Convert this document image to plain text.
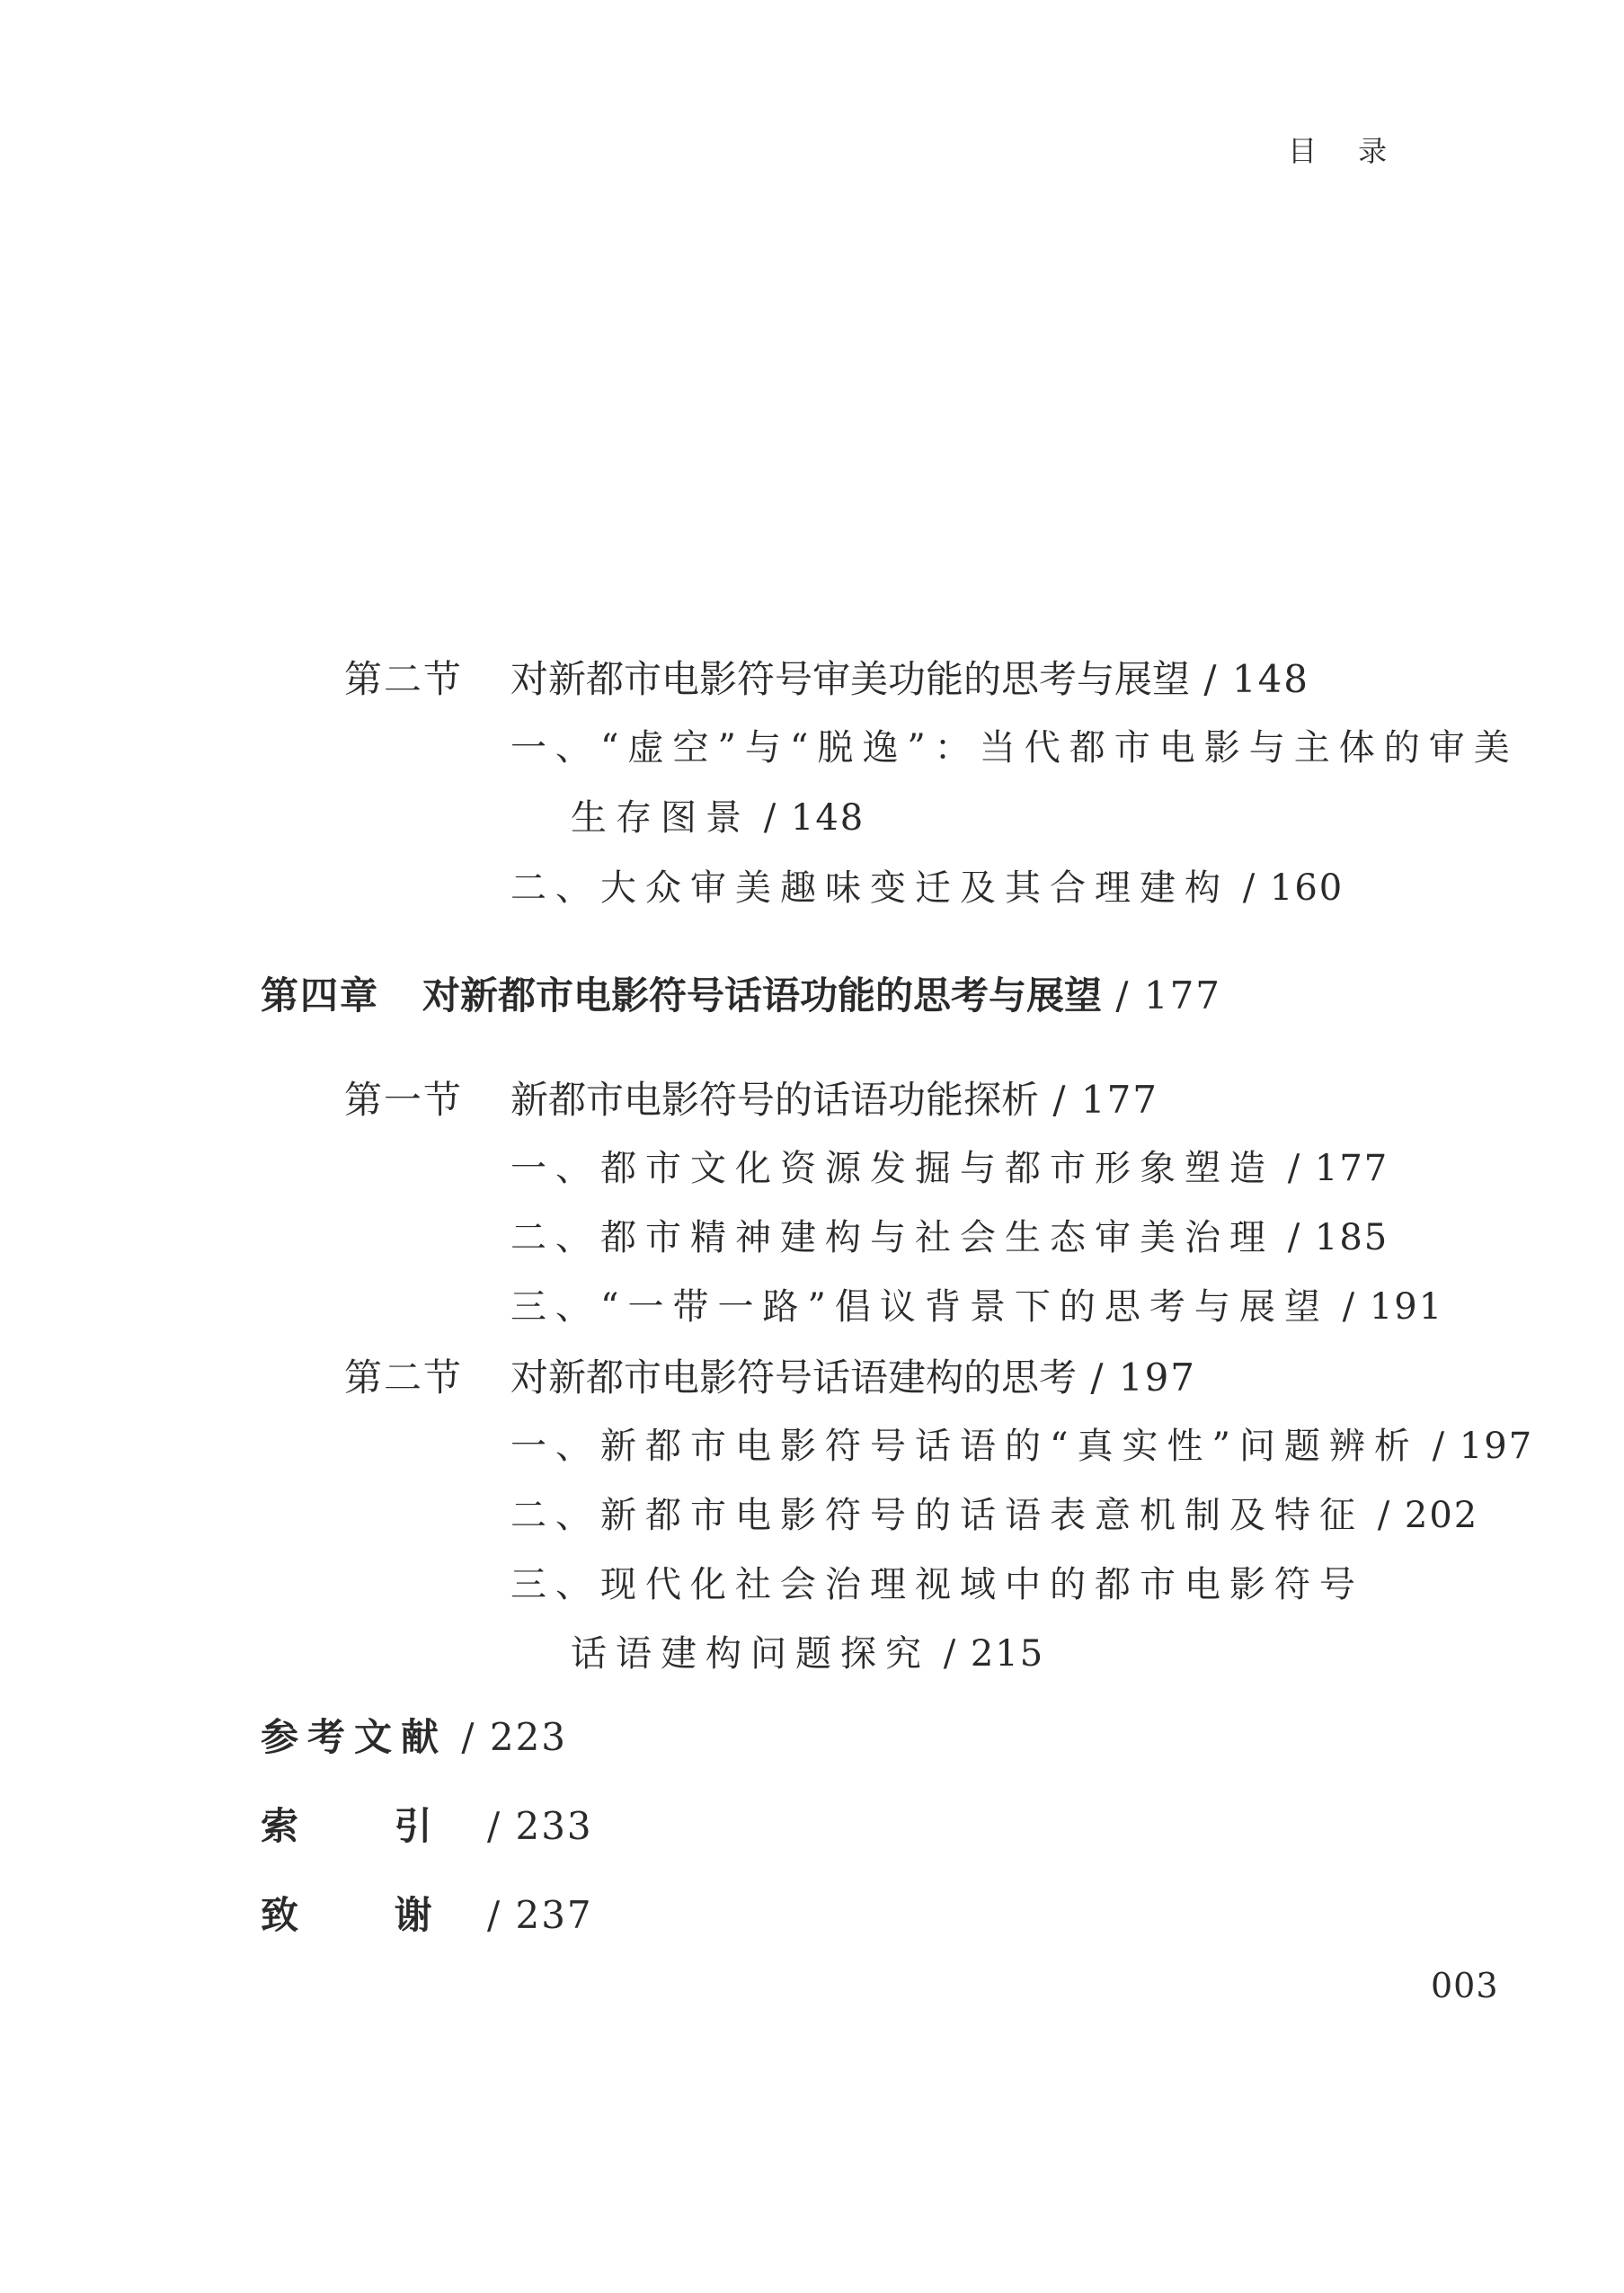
目 录
第二节 对新都市电影符号审美功能的思考与展望 / 148
一、“虚空”与“脱逸”：当代都市电影与主体的审美
生存图景 / 148
二、大众审美趣味变迁及其合理建构 / 160
第四章 对新都市电影符号话语功能的思考与展望 / 177
第一节 新都市电影符号的话语功能探析 / 177
一、都市文化资源发掘与都市形象塑造 / 177
二、都市精神建构与社会生态审美治理 / 185
三、“一带一路”倡议背景下的思考与展望 / 191
第二节 对新都市电影符号话语建构的思考 / 197
一、新都市电影符号话语的“真实性”问题辨析 / 197
二、新都市电影符号的话语表意机制及特征 / 202
三、现代化社会治理视域中的都市电影符号
话语建构问题探究 / 215
参考文献 / 223
索 引 / 233
致 谢 / 237
003
